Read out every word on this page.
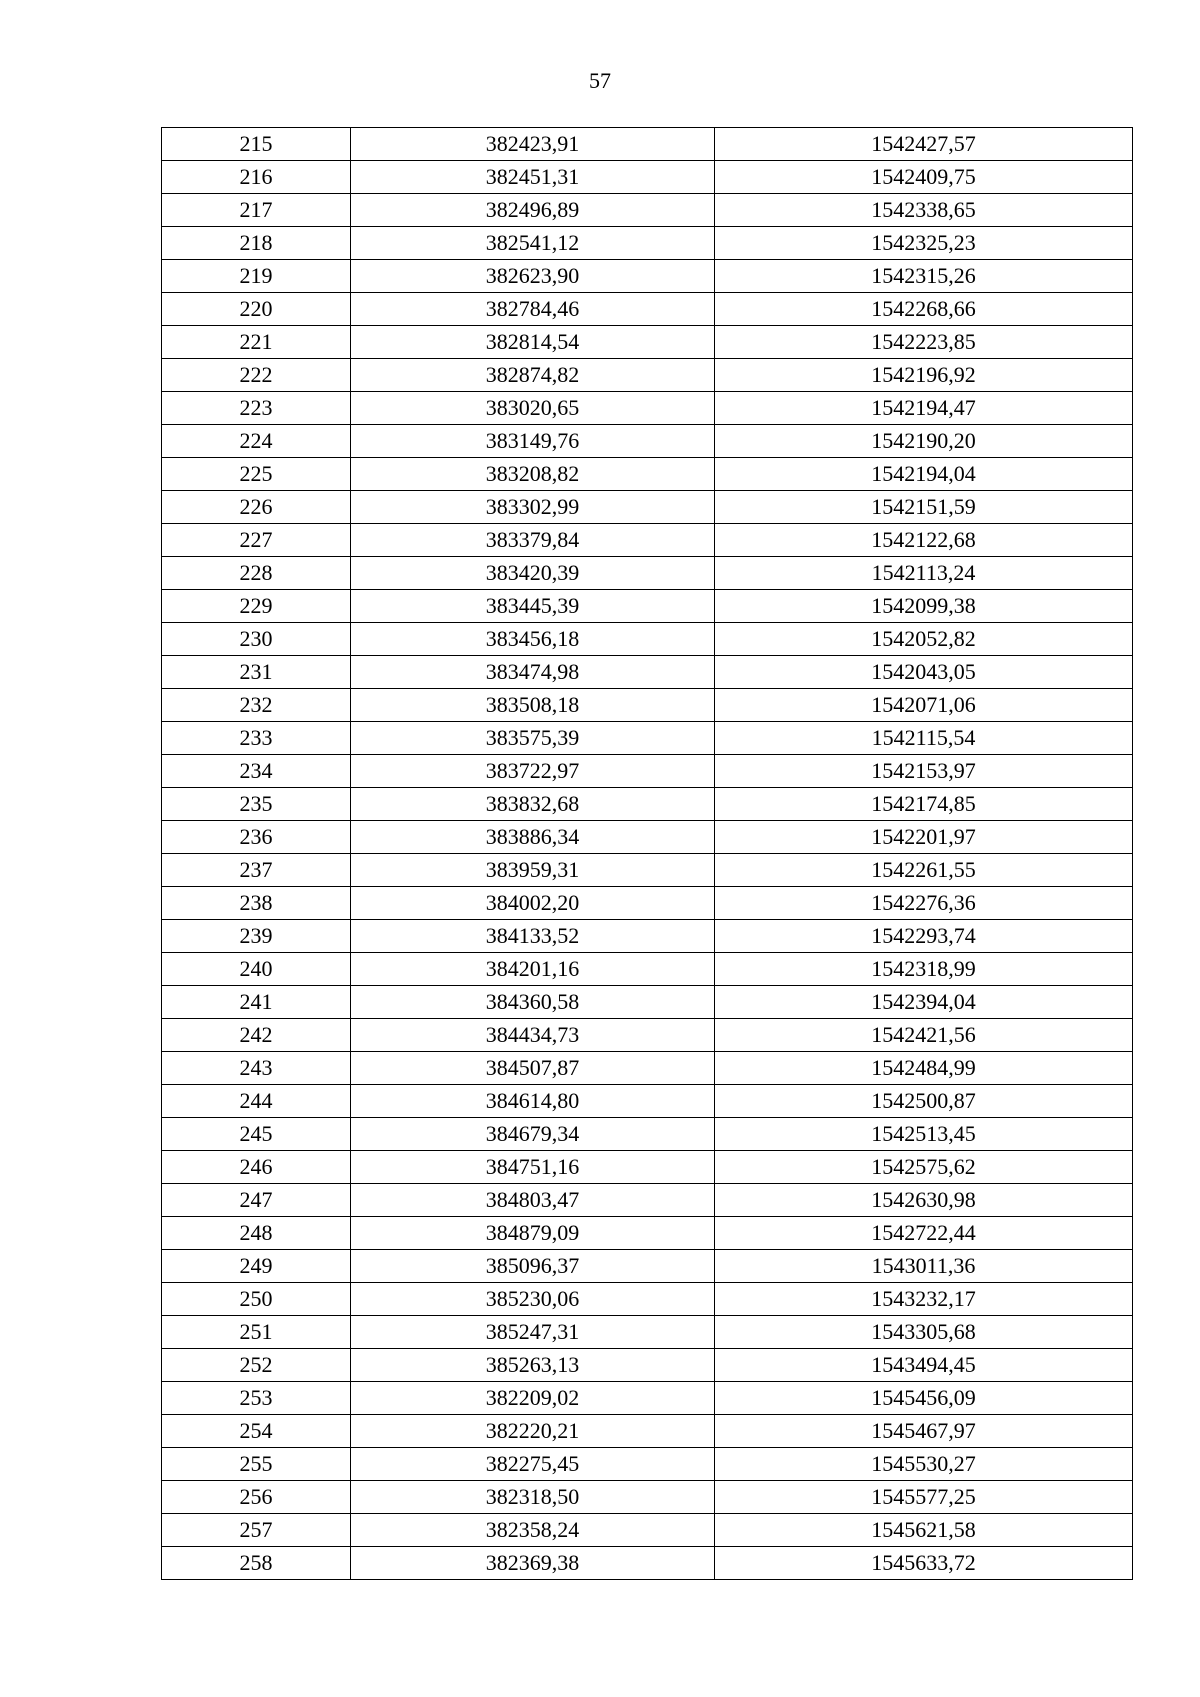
57
215	382423,91	1542427,57
216	382451,31	1542409,75
217	382496,89	1542338,65
218	382541,12	1542325,23
219	382623,90	1542315,26
220	382784,46	1542268,66
221	382814,54	1542223,85
222	382874,82	1542196,92
223	383020,65	1542194,47
224	383149,76	1542190,20
225	383208,82	1542194,04
226	383302,99	1542151,59
227	383379,84	1542122,68
228	383420,39	1542113,24
229	383445,39	1542099,38
230	383456,18	1542052,82
231	383474,98	1542043,05
232	383508,18	1542071,06
233	383575,39	1542115,54
234	383722,97	1542153,97
235	383832,68	1542174,85
236	383886,34	1542201,97
237	383959,31	1542261,55
238	384002,20	1542276,36
239	384133,52	1542293,74
240	384201,16	1542318,99
241	384360,58	1542394,04
242	384434,73	1542421,56
243	384507,87	1542484,99
244	384614,80	1542500,87
245	384679,34	1542513,45
246	384751,16	1542575,62
247	384803,47	1542630,98
248	384879,09	1542722,44
249	385096,37	1543011,36
250	385230,06	1543232,17
251	385247,31	1543305,68
252	385263,13	1543494,45
253	382209,02	1545456,09
254	382220,21	1545467,97
255	382275,45	1545530,27
256	382318,50	1545577,25
257	382358,24	1545621,58
258	382369,38	1545633,72
